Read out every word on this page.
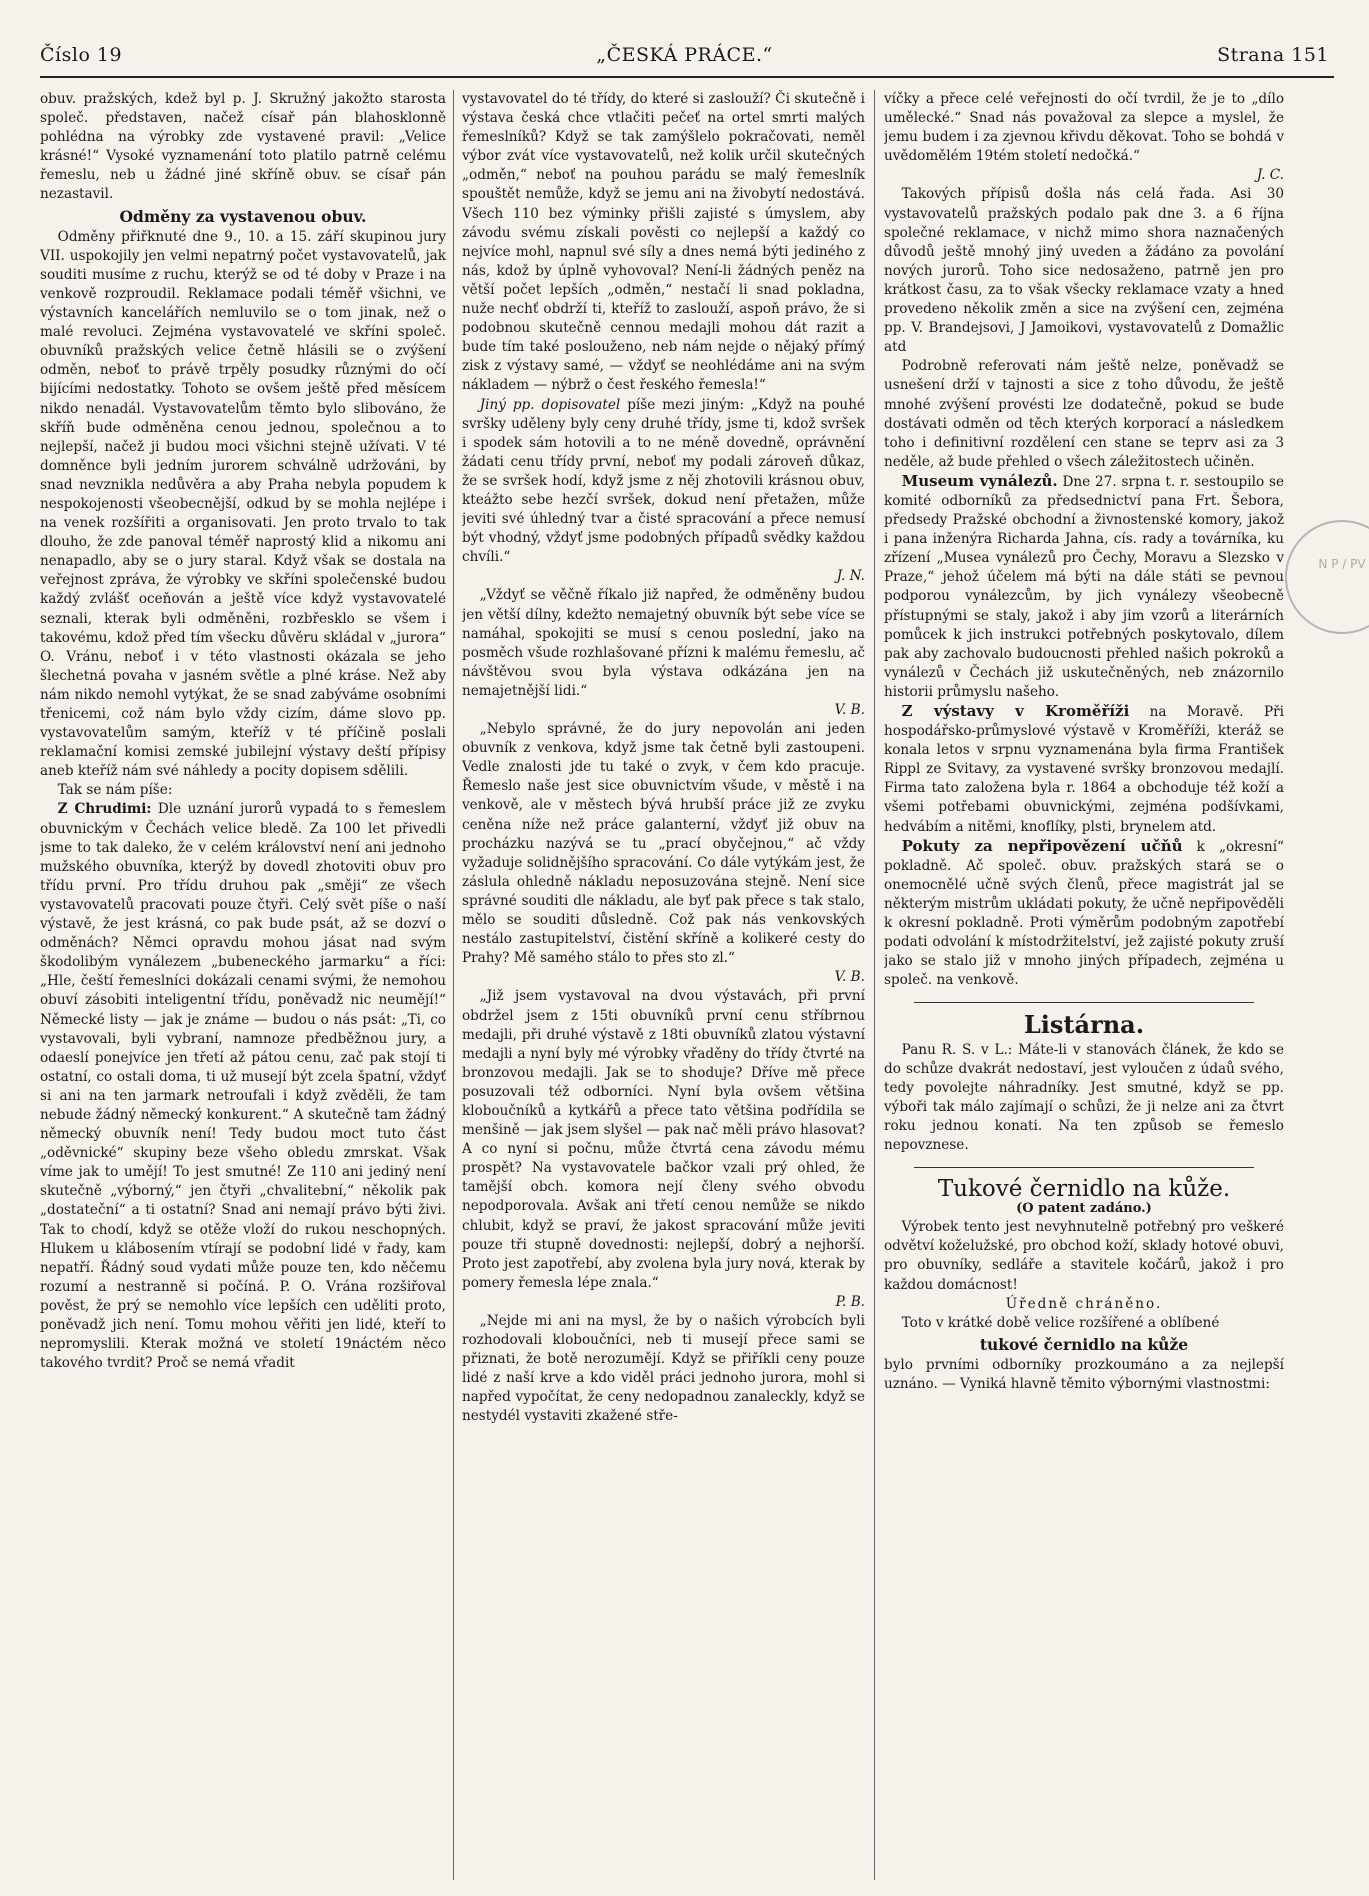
Číslo 19	„ČESKÁ PRÁCE.“	Strana 151

obuv. pražských, kdež byl p. J. Skružný jakožto starosta společ. představen, načež císař pán blahosklonně pohlédna na výrobky zde vystavené pravil: „Velice krásné!“ Vysoké vyznamenání toto platilo patrně celému řemeslu, neb u žádné jiné skříně obuv. se císař pán nezastavil.

Odměny za vystavenou obuv.

Odměny přiřknuté dne 9., 10. a 15. září skupinou jury VII. uspokojily jen velmi nepatrný počet vystavovatelů, jak souditi musíme z ruchu, kterýž se od té doby v Praze i na venkově rozproudil. Reklamace podali téměř všichni, ve výstavních kancelářích nemluvilo se o tom jinak, než o malé revoluci. Zejména vystavovatelé ve skříni společ. obuvníků pražských velice četně hlásili se o zvýšení odměn, neboť to právě trpěly posudky různými do očí bijícími nedostatky. Tohoto se ovšem ještě před měsícem nikdo nenadál. Vystavovatelům těmto bylo slibováno, že skříň bude odměněna cenou jednou, společnou a to nejlepší, načež ji budou moci všichni stejně užívati. V té domněnce byli jedním jurorem schválně udržováni, by snad nevznikla nedůvěra a aby Praha nebyla popudem k nespokojenosti všeobecnější, odkud by se mohla nejlépe i na venek rozšířiti a organisovati. Jen proto trvalo to tak dlouho, že zde panoval téměř naprostý klid a nikomu ani nenapadlo, aby se o jury staral. Když však se dostala na veřejnost zpráva, že výrobky ve skříni společenské budou každý zvlášť oceňován a ještě více když vystavovatelé seznali, kterak byli odměněni, rozbřesklo se všem i takovému, kdož před tím všecku důvěru skládal v „jurora“ O. Vránu, neboť i v této vlastnosti okázala se jeho šlechetná povaha v jasném světle a plné kráse. Než aby nám nikdo nemohl vytýkat, že se snad zabýváme osobními třenicemi, což nám bylo vždy cizím, dáme slovo pp. vystavovatelům samým, kteříž v té příčině poslali reklamační komisi zemské jubilejní výstavy deští přípisy aneb kteříž nám své náhledy a pocity dopisem sdělili.

Tak se nám píše:

Z Chrudimi: Dle uznání jurorů vypadá to s řemeslem obuvnickým v Čechách velice bledě. Za 100 let přivedli jsme to tak daleko, že v celém království není ani jednoho mužského obuvníka, kterýž by dovedl zhotoviti obuv pro třídu první. Pro třídu druhou pak „směji“ ze všech vystavovatelů pracovati pouze čtyři. Celý svět píše o naší výstavě, že jest krásná, co pak bude psát, až se dozví o odměnách? Němci opravdu mohou jásat nad svým škodolibým vynálezem „bubeneckého jarmarku“ a říci: „Hle, čeští řemeslníci dokázali cenami svými, že nemohou obuví zásobiti inteligentní třídu, poněvadž nic neumějí!“ Německé listy — jak je známe — budou o nás psát: „Ti, co vystavovali, byli vybraní, namnoze předběžnou jury, a odaeslí ponejvíce jen třetí až pátou cenu, zač pak stojí ti ostatní, co ostali doma, ti už musejí být zcela špatní, vždyť si ani na ten jarmark netroufali i když zvěděli, že tam nebude žádný německý konkurent.“ A skutečně tam žádný německý obuvník není! Tedy budou moct tuto část „oděvnické“ skupiny beze všeho obledu zmrskat. Však víme jak to umějí! To jest smutné! Ze 110 ani jediný není skutečně „výborný,“ jen čtyři „chvalitební,“ několik pak „dostateční“ a ti ostatní? Snad ani nemají právo býti živi. Tak to chodí, když se otěže vloží do rukou neschopných. Hlukem u klábosením vtírají se podobní lidé v řady, kam nepatří. Řádný soud vydati může pouze ten, kdo něčemu rozumí a nestranně si počíná. P. O. Vrána rozšiřoval pověst, že prý se nemohlo více lepších cen uděliti proto, poněvadž jich není. Tomu mohou věřiti jen lidé, kteří to nepromyslili. Kterak možná ve století 19náctém něco takového tvrdit? Proč se nemá vřadit

vystavovatel do té třídy, do které si zaslouží? Či skutečně i výstava česká chce vtlačiti pečeť na ortel smrti malých řemeslníků? Když se tak zamýšlelo pokračovati, neměl výbor zvát více vystavovatelů, než kolik určil skutečných „odměn,“ neboť na pouhou parádu se malý řemeslník spouštět nemůže, když se jemu ani na živobytí nedostává. Všech 110 bez výminky přišli zajisté s úmyslem, aby závodu svému získali pověsti co nejlepší a každý co nejvíce mohl, napnul své síly a dnes nemá býti jediného z nás, kdož by úplně vyhovoval? Není-li žádných peněz na větší počet lepších „odměn,“ nestačí li snad pokladna, nuže nechť obdrží ti, kteříž to zaslouží, aspoň právo, že si podobnou skutečně cennou medajli mohou dát razit a bude tím také poslouženo, neb nám nejde o nějaký přímý zisk z výstavy samé, — vždyť se neohlédáme ani na svým nákladem — nýbrž o čest řeského řemesla!“

Jiný pp. dopisovatel píše mezi jiným: „Když na pouhé svršky uděleny byly ceny druhé třídy, jsme ti, kdož svršek i spodek sám hotovili a to ne méně dovedně, oprávnění žádati cenu třídy první, neboť my podali zároveň důkaz, že se svršek hodí, když jsme z něj zhotovili krásnou obuv, kteážto sebe hezčí svršek, dokud není přetažen, může jeviti své úhledný tvar a čisté spracování a přece nemusí být vhodný, vždyť jsme podobných případů svědky každou chvíli.“

J. N.

„Vždyť se věčně říkalo již napřed, že odměněny budou jen větší dílny, kdežto nemajetný obuvník být sebe více se namáhal, spokojiti se musí s cenou poslední, jako na posměch všude rozhlašované přízni k malému řemeslu, ač návštěvou svou byla výstava odkázána jen na nemajetnější lidi.“

V. B.

„Nebylo správné, že do jury nepovolán ani jeden obuvník z venkova, když jsme tak četně byli zastoupeni. Vedle znalosti jde tu také o zvyk, v čem kdo pracuje. Řemeslo naše jest sice obuvnictvím všude, v městě i na venkově, ale v městech bývá hrubší práce již ze zvyku ceněna níže než práce galanterní, vždyť již obuv na procházku nazývá se tu „prací obyčejnou,“ ač vždy vyžaduje solidnějšího spracování. Co dále vytýkám jest, že záslula ohledně nákladu neposuzována stejně. Není sice správné souditi dle nákladu, ale byť pak přece s tak stalo, mělo se souditi důsledně. Což pak nás venkovských nestálo zastupitelství, čistění skříně a kolikeré cesty do Prahy? Mě samého stálo to přes sto zl.“

V. B.

„Již jsem vystavoval na dvou výstavách, při první obdržel jsem z 15ti obuvníků první cenu stříbrnou medajli, při druhé výstavě z 18ti obuvníků zlatou výstavní medajli a nyní byly mé výrobky vřaděny do třídy čtvrté na bronzovou medajli. Jak se to shoduje? Dříve mě přece posuzovali též odborníci. Nyní byla ovšem většina kloboučníků a kytkářů a přece tato většina podřídila se menšině — jak jsem slyšel — pak nač měli právo hlasovat? A co nyní si počnu, může čtvrtá cena závodu mému prospět? Na vystavovatele bačkor vzali prý ohled, že tamější obch. komora nejí členy svého obvodu nepodporovala. Avšak ani třetí cenou nemůže se nikdo chlubit, když se praví, že jakost spracování může jeviti pouze tři stupně dovednosti: nejlepší, dobrý a nejhorší. Proto jest zapotřebí, aby zvolena byla jury nová, kterak by pomery řemesla lépe znala.“

P. B.

„Nejde mi ani na mysl, že by o našich výrobcích byli rozhodovali kloboučníci, neb ti musejí přece sami se přiznati, že botě nerozumějí. Když se přiříkli ceny pouze lidé z naší krve a kdo viděl práci jednoho jurora, mohl si napřed vypočítat, že ceny nedopadnou zanaleckly, když se nestydél vystaviti zkažené stře-

víčky a přece celé veřejnosti do očí tvrdil, že je to „dílo umělecké.“ Snad nás považoval za slepce a myslel, že jemu budem i za zjevnou křivdu děkovat. Toho se bohdá v uvědomělém 19tém století nedočká.“

J. C.

Takových přípisů došla nás celá řada. Asi 30 vystavovatelů pražských podalo pak dne 3. a 6 října společné reklamace, v nichž mimo shora naznačených důvodů ještě mnohý jiný uveden a žádáno za povolání nových jurorů. Toho sice nedosaženo, patrně jen pro krátkost času, za to však všecky reklamace vzaty a hned provedeno několik změn a sice na zvýšení cen, zejména pp. V. Brandejsovi, J Jamoikovi, vystavovatelů z Domažlic atd

Podrobně referovati nám ještě nelze, poněvadž se usnešení drží v tajnosti a sice z toho důvodu, že ještě mnohé zvýšení provésti lze dodatečně, pokud se bude dostávati odměn od těch kterých korporací a následkem toho i definitivní rozdělení cen stane se teprv asi za 3 neděle, až bude přehled o všech záležitostech učiněn.

Museum vynálezů. Dne 27. srpna t. r. sestoupilo se komité odborníků za předsednictví pana Frt. Šebora, předsedy Pražské obchodní a živnostenské komory, jakož i pana inženýra Richarda Jahna, cís. rady a továrníka, ku zřízení „Musea vynálezů pro Čechy, Moravu a Slezsko v Praze,“ jehož účelem má býti na dále státi se pevnou podporou vynálezcům, by jich vynálezy všeobecně přístupnými se staly, jakož i aby jim vzorů a literárních pomůcek k jich instrukci potřebných poskytovalo, dílem pak aby zachovalo budoucnosti přehled našich pokroků a vynálezů v Čechách již uskutečněných, neb znázornilo historii průmyslu našeho.

Z výstavy v Kroměříži na Moravě. Při hospodářsko-průmyslové výstavě v Kroměříži, kteráž se konala letos v srpnu vyznamenána byla firma František Rippl ze Svitavy, za vystavené svršky bronzovou medajlí. Firma tato založena byla r. 1864 a obchoduje též koží a všemi potřebami obuvnickými, zejména podšívkami, hedvábím a nitěmi, knoflíky, plsti, brynelem atd.

Pokuty za nepřipovězení učňů k „okresní“ pokladně. Ač společ. obuv. pražských stará se o onemocnělé učně svých členů, přece magistrát jal se některým mistrům ukládati pokuty, že učně nepřipověděli k okresní pokladně. Proti výměrům podobným zapotřebí podati odvolání k místodržitelství, jež zajisté pokuty zruší jako se stalo již v mnoho jiných případech, zejména u společ. na venkově.

Listárna.

Panu R. S. v L.: Máte-li v stanovách článek, že kdo se do schůze dvakrát nedostaví, jest vyloučen z údaů svého, tedy povolejte náhradníky. Jest smutné, když se pp. výboři tak málo zajímají o schůzi, že ji nelze ani za čtvrt roku jednou konati. Na ten způsob se řemeslo nepovznese.

Tukové černidlo na kůže.
(O patent zadáno.)

Výrobek tento jest nevyhnutelně potřebný pro veškeré odvětví koželužské, pro obchod koží, sklady hotové obuvi, pro obuvníky, sedláře a stavitele kočárů, jakož i pro každou domácnost!

Úředně chráněno.

Toto v krátké době velice rozšířené a oblíbené

tukové černidlo na kůže

bylo prvními odborníky prozkoumáno a za nejlepší uznáno. — Vyniká hlavně těmito výbornými vlastnostmi:

N P / PV
